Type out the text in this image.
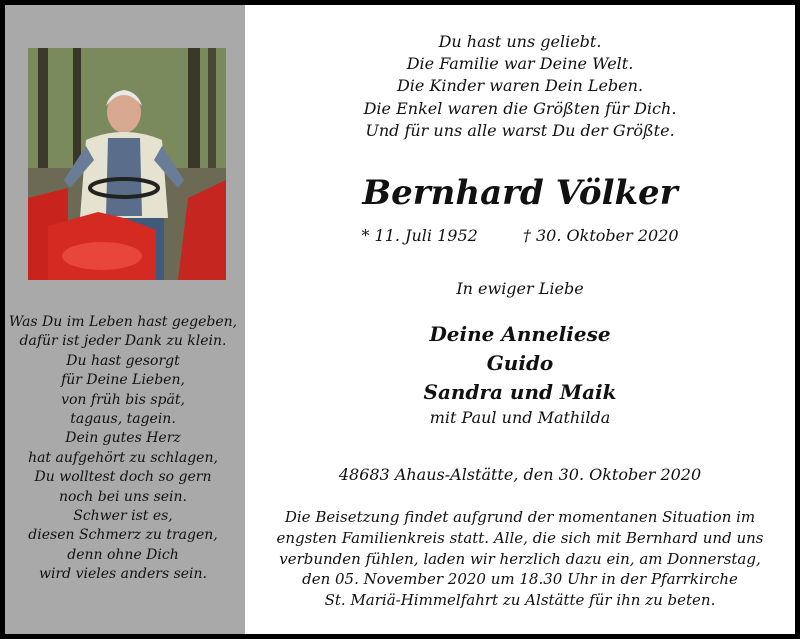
Was Du im Leben hast gegeben,
dafür ist jeder Dank zu klein.
Du hast gesorgt
für Deine Lieben,
von früh bis spät,
tagaus, tagein.
Dein gutes Herz
hat aufgehört zu schlagen,
Du wolltest doch so gern
noch bei uns sein.
Schwer ist es,
diesen Schmerz zu tragen,
denn ohne Dich
wird vieles anders sein.
Du hast uns geliebt.
Die Familie war Deine Welt.
Die Kinder waren Dein Leben.
Die Enkel waren die Größten für Dich.
Und für uns alle warst Du der Größte.
Bernhard Völker
* 11. Juli 1952	† 30. Oktober 2020
In ewiger Liebe
Deine Anneliese
Guido
Sandra und Maik
mit Paul und Mathilda
48683 Ahaus-Alstätte, den 30. Oktober 2020
Die Beisetzung findet aufgrund der momentanen Situation im
engsten Familienkreis statt. Alle, die sich mit Bernhard und uns
verbunden fühlen, laden wir herzlich dazu ein, am Donnerstag,
den 05. November 2020 um 18.30 Uhr in der Pfarrkirche
St. Mariä-Himmelfahrt zu Alstätte für ihn zu beten.
